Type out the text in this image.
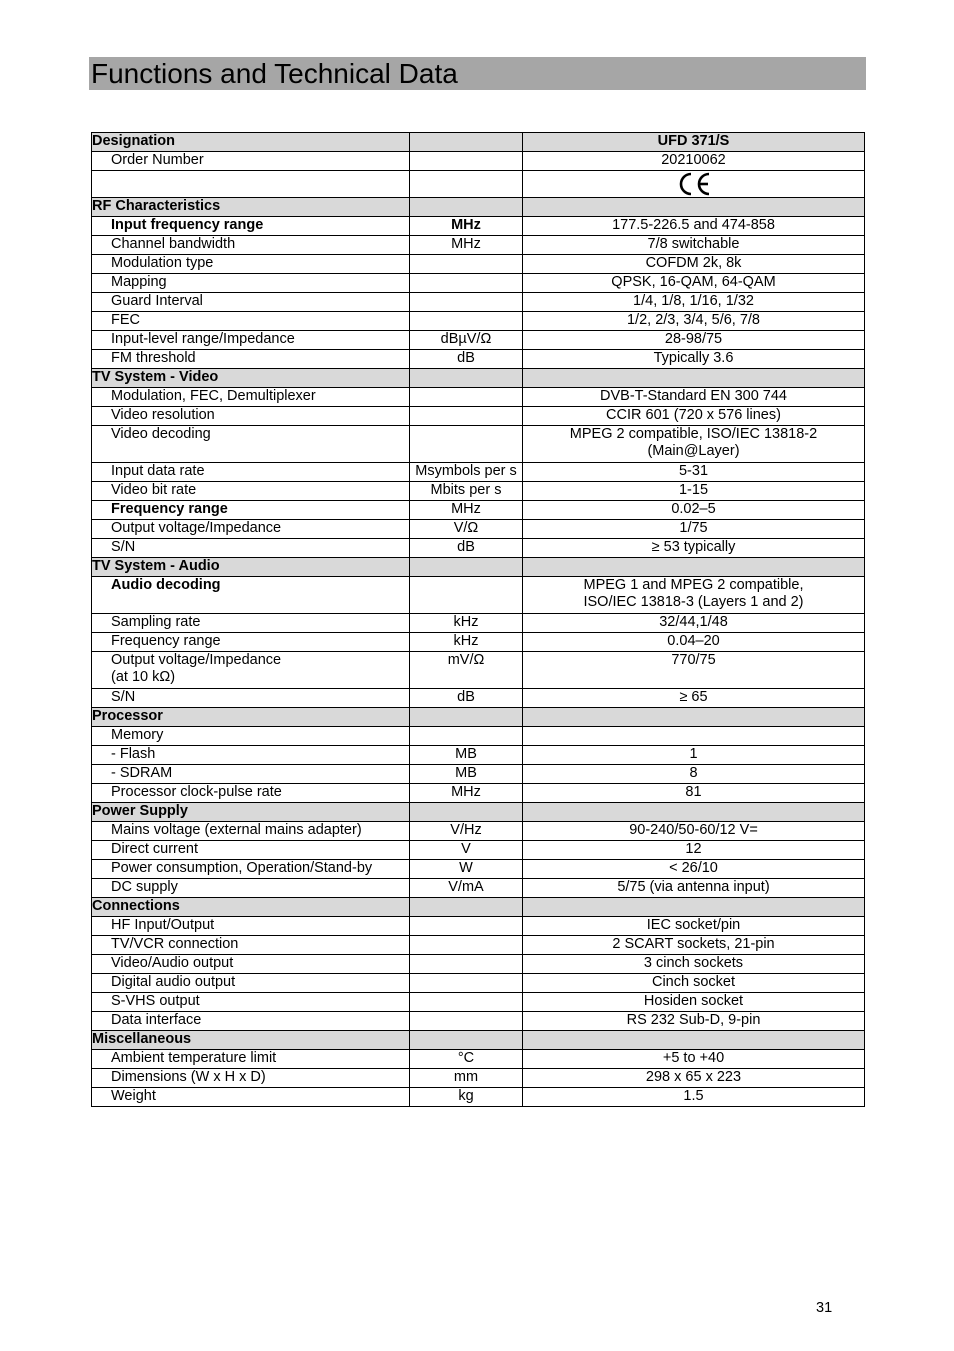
Functions and Technical Data
Designation		UFD 371/S
Order Number		20210062

RF Characteristics		
Input frequency range	MHz	177.5-226.5 and 474-858
Channel bandwidth	MHz	7/8 switchable
Modulation type		COFDM 2k, 8k
Mapping		QPSK, 16-QAM, 64-QAM
Guard Interval		1/4, 1/8, 1/16, 1/32
FEC		1/2, 2/3, 3/4, 5/6, 7/8
Input-level range/Impedance	dBµV/Ω	28-98/75
FM threshold	dB	Typically 3.6
TV System - Video		
Modulation, FEC, Demultiplexer		DVB-T-Standard EN 300 744
Video resolution		CCIR 601 (720 x 576 lines)
Video decoding		MPEG 2 compatible, ISO/IEC 13818-2
(Main@Layer)
Input data rate	Msymbols per s	5-31
Video bit rate	Mbits per s	1-15
Frequency range	MHz	0.02–5
Output voltage/Impedance	V/Ω	1/75
S/N	dB	≥ 53 typically
TV System - Audio		
Audio decoding		MPEG 1 and MPEG 2 compatible,
ISO/IEC 13818-3 (Layers 1 and 2)
Sampling rate	kHz	32/44,1/48
Frequency range	kHz	0.04–20
Output voltage/Impedance
(at 10 kΩ)	mV/Ω	770/75
S/N	dB	≥ 65
Processor		
Memory		
- Flash	MB	1
- SDRAM	MB	8
Processor clock-pulse rate	MHz	81
Power Supply		
Mains voltage (external mains adapter)	V/Hz	90-240/50-60/12 V=
Direct current	V	12
Power consumption, Operation/Stand-by	W	< 26/10
DC supply	V/mA	5/75 (via antenna input)
Connections		
HF Input/Output		IEC socket/pin
TV/VCR connection		2 SCART sockets, 21-pin
Video/Audio output		3 cinch sockets
Digital audio output		Cinch socket
S-VHS output		Hosiden socket
Data interface		RS 232 Sub-D, 9-pin
Miscellaneous		
Ambient temperature limit	°C	+5 to +40
Dimensions (W x H x D)	mm	298 x 65 x 223
Weight	kg	1.5
31
